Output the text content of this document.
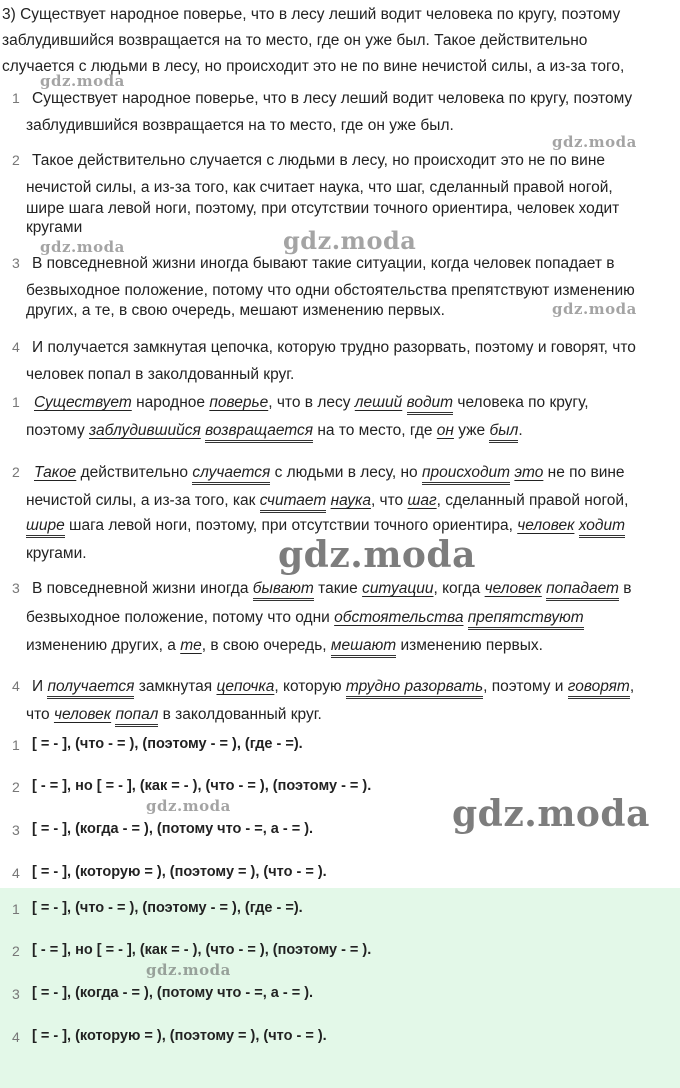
3) Существует народное поверье, что в лесу леший водит человека по кругу, поэтому
заблудившийся возвращается на то место, где он уже был. Такое действительно
случается с людьми в лесу, но происходит это не по вине нечистой силы, а из-за того,
1 Существует народное поверье, что в лесу леший водит человека по кругу, поэтому
заблудившийся возвращается на то место, где он уже был.
2 Такое действительно случается с людьми в лесу, но происходит это не по вине
нечистой силы, а из-за того, как считает наука, что шаг, сделанный правой ногой,
шире шага левой ноги, поэтому, при отсутствии точного ориентира, человек ходит
кругами
3 В повседневной жизни иногда бывают такие ситуации, когда человек попадает в
безвыходное положение, потому что одни обстоятельства препятствуют изменению
других, а те, в свою очередь, мешают изменению первых.
4 И получается замкнутая цепочка, которую трудно разорвать, поэтому и говорят, что
человек попал в заколдованный круг.
1 Существует народное поверье, что в лесу леший водит человека по кругу,
поэтому заблудившийся возвращается на то место, где он уже был.
2 Такое действительно случается с людьми в лесу, но происходит это не по вине
нечистой силы, а из-за того, как считает наука, что шаг, сделанный правой ногой,
шире шага левой ноги, поэтому, при отсутствии точного ориентира, человек ходит
кругами.
3 В повседневной жизни иногда бывают такие ситуации, когда человек попадает в
безвыходное положение, потому что одни обстоятельства препятствуют
изменению других, а те, в свою очередь, мешают изменению первых.
4 И получается замкнутая цепочка, которую трудно разорвать, поэтому и говорят,
что человек попал в заколдованный круг.
1 [ = - ], (что - = ), (поэтому - = ), (где - =).
2 [ - = ], но [ = - ], (как = - ), (что - = ), (поэтому - = ).
3 [ = - ], (когда - = ), (потому что - =, а - = ).
4 [ = - ], (которую = ), (поэтому = ), (что - = ).
1 [ = - ], (что - = ), (поэтому - = ), (где - =).
2 [ - = ], но [ = - ], (как = - ), (что - = ), (поэтому - = ).
3 [ = - ], (когда - = ), (потому что - =, а - = ).
4 [ = - ], (которую = ), (поэтому = ), (что - = ).
gdz.moda
gdz.moda
gdz.moda	gdz.moda
gdz.moda
gdz.moda
gdz.moda	gdz.moda
gdz.moda
